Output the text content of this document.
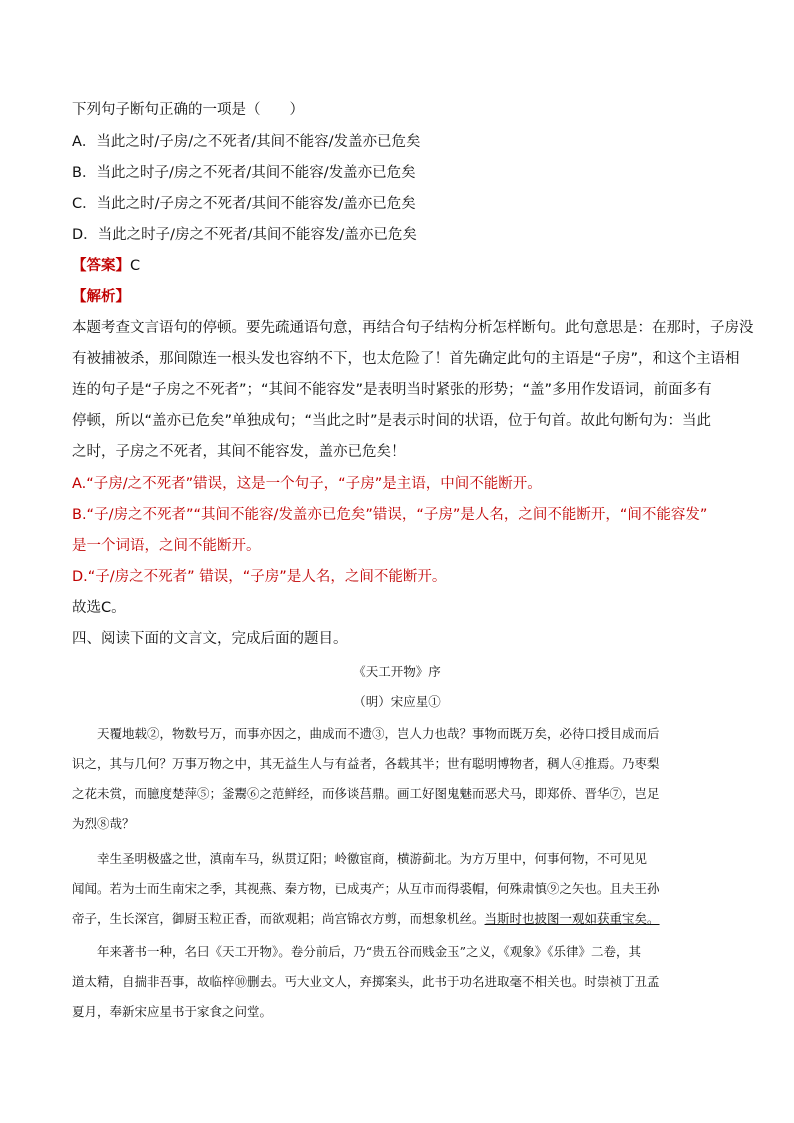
下列句子断句正确的一项是（　　）
A．当此之时/子房/之不死者/其间不能容/发盖亦已危矣
B．当此之时子/房之不死者/其间不能容/发盖亦已危矣
C．当此之时/子房之不死者/其间不能容发/盖亦已危矣
D．当此之时子/房之不死者/其间不能容发/盖亦已危矣
【答案】C
【解析】
本题考查文言语句的停顿。要先疏通语句意，再结合句子结构分析怎样断句。此句意思是：在那时，子房没
有被捕被杀，那间隙连一根头发也容纳不下，也太危险了！首先确定此句的主语是“子房”，和这个主语相
连的句子是“子房之不死者”；“其间不能容发”是表明当时紧张的形势；“盖”多用作发语词，前面多有
停顿，所以“盖亦已危矣”单独成句；“当此之时”是表示时间的状语，位于句首。故此句断句为：当此
之时，子房之不死者，其间不能容发，盖亦已危矣！
A.“子房/之不死者”错误，这是一个句子，“子房”是主语，中间不能断开。
B.“子/房之不死者”“其间不能容/发盖亦已危矣”错误，“子房”是人名，之间不能断开，“间不能容发”
是一个词语，之间不能断开。
D.“子/房之不死者” 错误，“子房”是人名，之间不能断开。
故选C。
四、阅读下面的文言文，完成后面的题目。
《天工开物》序
（明）宋应星①
　　天覆地载②，物数号万，而事亦因之，曲成而不遗③，岂人力也哉？事物而既万矣，必待口授目成而后
识之，其与几何？万事万物之中，其无益生人与有益者，各载其半；世有聪明博物者，稠人④推焉。乃枣梨
之花未赏，而臆度楚萍⑤；釜鬻⑥之范鲜经，而侈谈莒鼎。画工好图鬼魅而恶犬马，即郑侨、晋华⑦，岂足
为烈⑧哉？
　　幸生圣明极盛之世，滇南车马，纵贯辽阳；岭徼宦商，横游蓟北。为方万里中，何事何物，不可见见
闻闻。若为士而生南宋之季，其视燕、秦方物，已成夷产；从互市而得裘帽，何殊肃慎⑨之矢也。且夫王孙
帝子，生长深宫，御厨玉粒正香，而欲观耜；尚宫锦衣方剪，而想象机丝。当斯时也披图一观如获重宝矣。
　　年来著书一种，名曰《天工开物》。卷分前后，乃“贵五谷而贱金玉”之义，《观象》《乐律》二卷，其
道太精，自揣非吾事，故临梓⑩删去。丐大业文人，弃掷案头，此书于功名进取毫不相关也。时崇祯丁丑孟
夏月，奉新宋应星书于家食之问堂。
